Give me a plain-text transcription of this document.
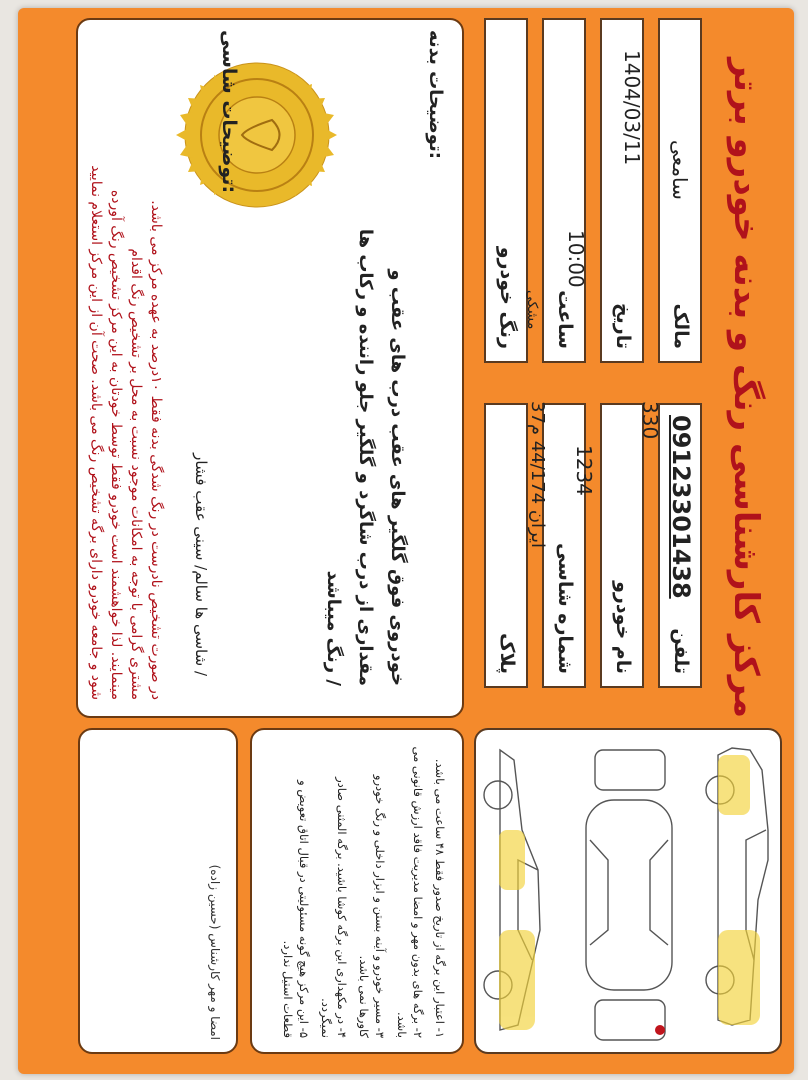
مرکز کارشناسی رنگ و بدنه خودرو برتر
مالک
سامعی
تلفن
09123301438
تاریخ
1404/03/11
نام خودرو
330
ساعت
10:00
شماره شاسی
1234
رنگ خودرو مشکی
پلاک
ایران 44/174 م37
توضیحات بدنه:
خودروی فوق گلگیر های عقب درب های عقب و
مقداری از درب شاگرد و گلگیر جلو راننده و رکاب ها
رنگ میباشد /
توضیحات شاسی:
شاسی ها سالم/ سینی عقب فشار /
در صورت تشخیص نادرست در رنگ شدگی بدنه فقط ۱۰درصد به عهده مرکز می باشد.
مشتری گرامی با توجه به امکانات موجود نسبت به محل بر تشخیص رنگ اقدام
مینمایند. لذا خواهشمند است خودرو فقط توسط خودتان به این مرکز تشخیص رنگ آورده
شود و جامعه خودرو دارای برگه تشخیص رنگ می باشد. صحت آن از این مرکز استعلام نمایید

۱- اعتبار این برگه از تاریخ صدور فقط ۴۸ ساعت می باشد.

۲- برگه های بدون مهر و امضا مدیریت فاقد ارزش قانونی می باشد.

۳- مسیر خودرو و آینه بستن و ابزار داخلی و رنگ خودرو کاورها نمی باشد.

۴- در مکهداری این برگه کوشا باشید. برگه المثنی صادر نمیگردد.

۵- این مرکز هیچ گونه مسئولیتی در قبال اتاق تعویض و قطعات استیل ندارد.

امضا و مهر کارشناس (حسین زاده)
